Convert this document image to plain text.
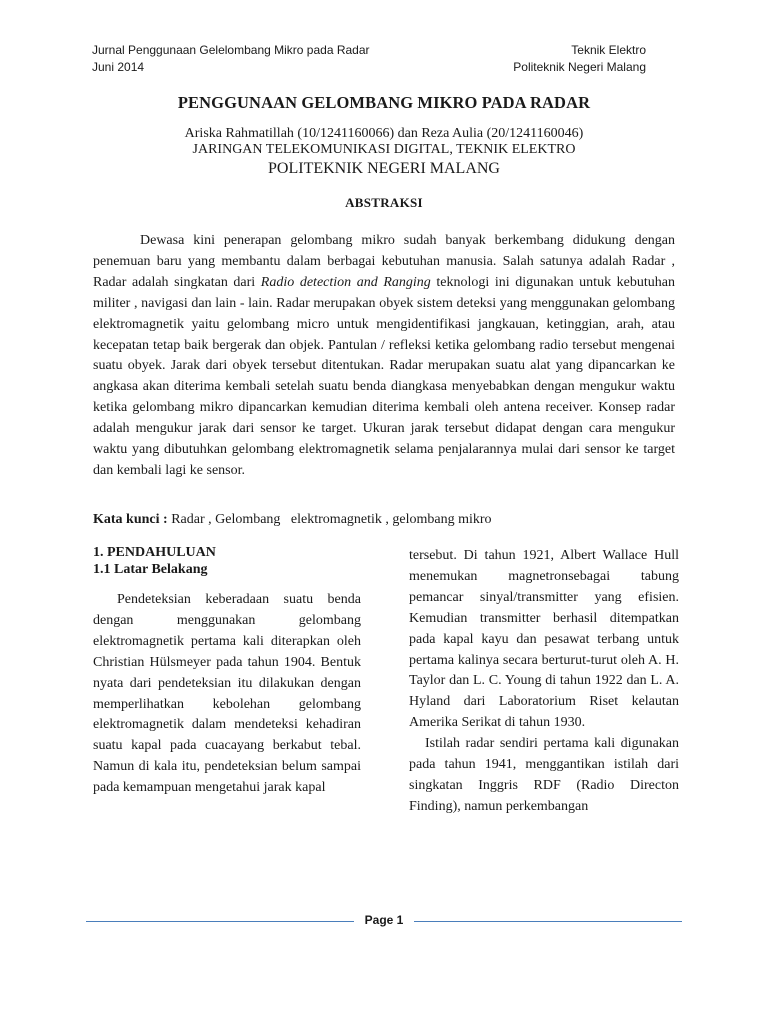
Jurnal Penggunaan Gelelombang Mikro pada Radar
Juni 2014
Teknik Elektro
Politeknik Negeri Malang
PENGGUNAAN GELOMBANG MIKRO PADA RADAR
Ariska Rahmatillah (10/1241160066) dan Reza Aulia (20/1241160046)
JARINGAN TELEKOMUNIKASI DIGITAL, TEKNIK ELEKTRO
POLITEKNIK NEGERI MALANG
ABSTRAKSI

Dewasa kini penerapan gelombang mikro sudah banyak berkembang didukung dengan penemuan baru yang membantu dalam berbagai kebutuhan manusia. Salah satunya adalah Radar , Radar adalah singkatan dari Radio detection and Ranging teknologi ini digunakan untuk kebutuhan militer , navigasi dan lain - lain. Radar merupakan obyek sistem deteksi yang menggunakan gelombang elektromagnetik yaitu gelombang micro untuk mengidentifikasi jangkauan, ketinggian, arah, atau kecepatan tetap baik bergerak dan objek. Pantulan / refleksi ketika gelombang radio tersebut mengenai suatu obyek. Jarak dari obyek tersebut ditentukan. Radar merupakan suatu alat yang dipancarkan ke angkasa akan diterima kembali setelah suatu benda diangkasa menyebabkan dengan mengukur waktu ketika gelombang mikro dipancarkan kemudian diterima kembali oleh antena receiver. Konsep radar adalah mengukur jarak dari sensor ke target. Ukuran jarak tersebut didapat dengan cara mengukur waktu yang dibutuhkan gelombang elektromagnetik selama penjalarannya mulai dari sensor ke target dan kembali lagi ke sensor.

Kata kunci : Radar , Gelombang   elektromagnetik , gelombang mikro
1. PENDAHULUAN
1.1 Latar Belakang

Pendeteksian keberadaan suatu benda dengan menggunakan gelombang elektromagnetik pertama kali diterapkan oleh Christian Hülsmeyer pada tahun 1904. Bentuk nyata dari pendeteksian itu dilakukan dengan memperlihatkan kebolehan gelombang elektromagnetik dalam mendeteksi kehadiran suatu kapal pada cuacayang berkabut tebal. Namun di kala itu, pendeteksian belum sampai pada kemampuan mengetahui jarak kapal

tersebut. Di tahun 1921, Albert Wallace Hull menemukan magnetronsebagai tabung pemancar sinyal/transmitter yang efisien. Kemudian transmitter berhasil ditempatkan pada kapal kayu dan pesawat terbang untuk pertama kalinya secara berturut-turut oleh A. H. Taylor dan L. C. Young di tahun 1922 dan L. A. Hyland dari Laboratorium Riset kelautan Amerika Serikat di tahun 1930.

Istilah radar sendiri pertama kali digunakan pada tahun 1941, menggantikan istilah dari singkatan Inggris RDF (Radio Directon Finding), namun perkembangan

Page 1
